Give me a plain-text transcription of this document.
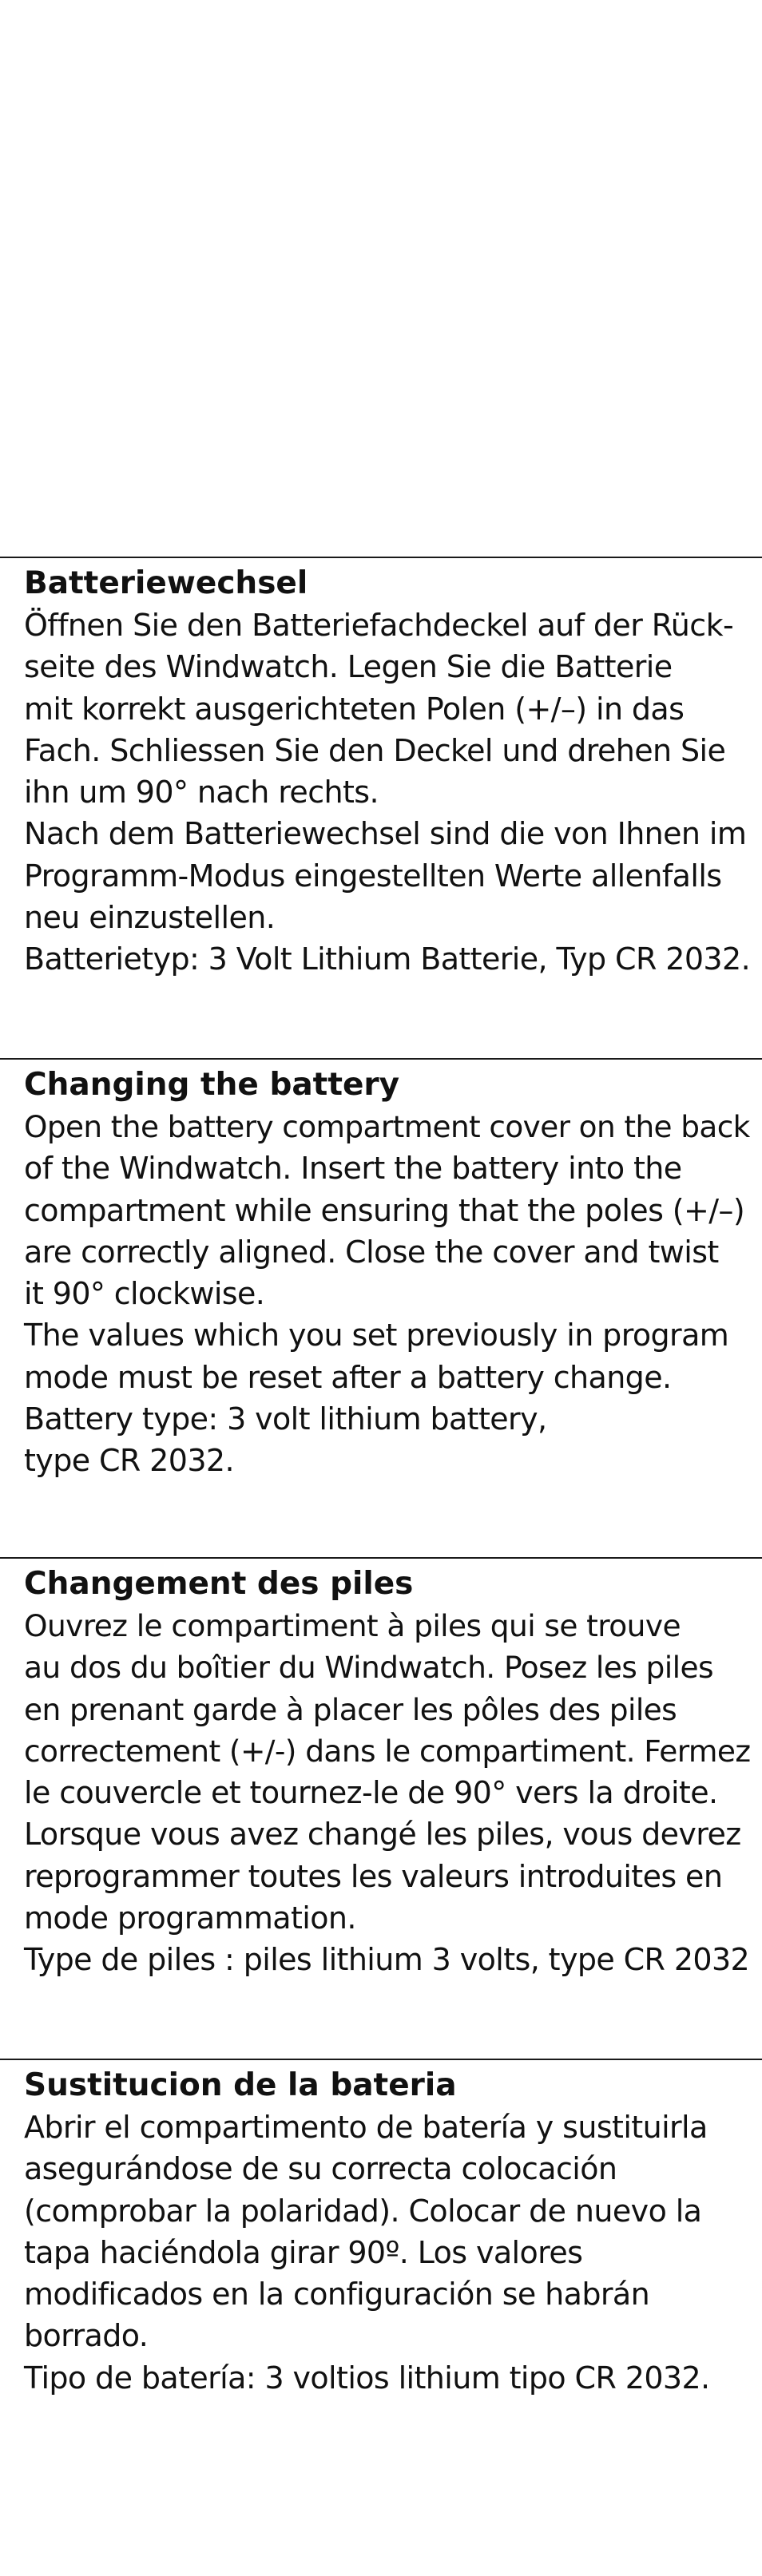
Batteriewechsel
Öffnen Sie den Batteriefachdeckel auf der Rück-
seite des Windwatch. Legen Sie die Batterie
mit korrekt ausgerichteten Polen (+/–) in das
Fach. Schliessen Sie den Deckel und drehen Sie
ihn um 90° nach rechts.
Nach dem Batteriewechsel sind die von Ihnen im
Programm-Modus eingestellten Werte allenfalls
neu einzustellen.
Batterietyp: 3 Volt Lithium Batterie, Typ CR 2032.
Changing the battery
Open the battery compartment cover on the back
of the Windwatch. Insert the battery into the
compartment while ensuring that the poles (+/–)
are correctly aligned. Close the cover and twist
it 90° clockwise.
The values which you set previously in program
mode must be reset after a battery change.
Battery type: 3 volt lithium battery,
type CR 2032.
Changement des piles
Ouvrez le compartiment à piles qui se trouve
au dos du boîtier du Windwatch. Posez les piles
en prenant garde à placer les pôles des piles
correctement (+/-) dans le compartiment. Fermez
le couvercle et tournez-le de 90° vers la droite.
Lorsque vous avez changé les piles, vous devrez
reprogrammer toutes les valeurs introduites en
mode programmation.
Type de piles : piles lithium 3 volts, type CR 2032
Sustitucion de la bateria
Abrir el compartimento de batería y sustituirla
asegurándose de su correcta colocación
(comprobar la polaridad). Colocar de nuevo la
tapa haciéndola girar 90º. Los valores
modificados en la configuración se habrán
borrado.
Tipo de batería: 3 voltios lithium tipo CR 2032.
